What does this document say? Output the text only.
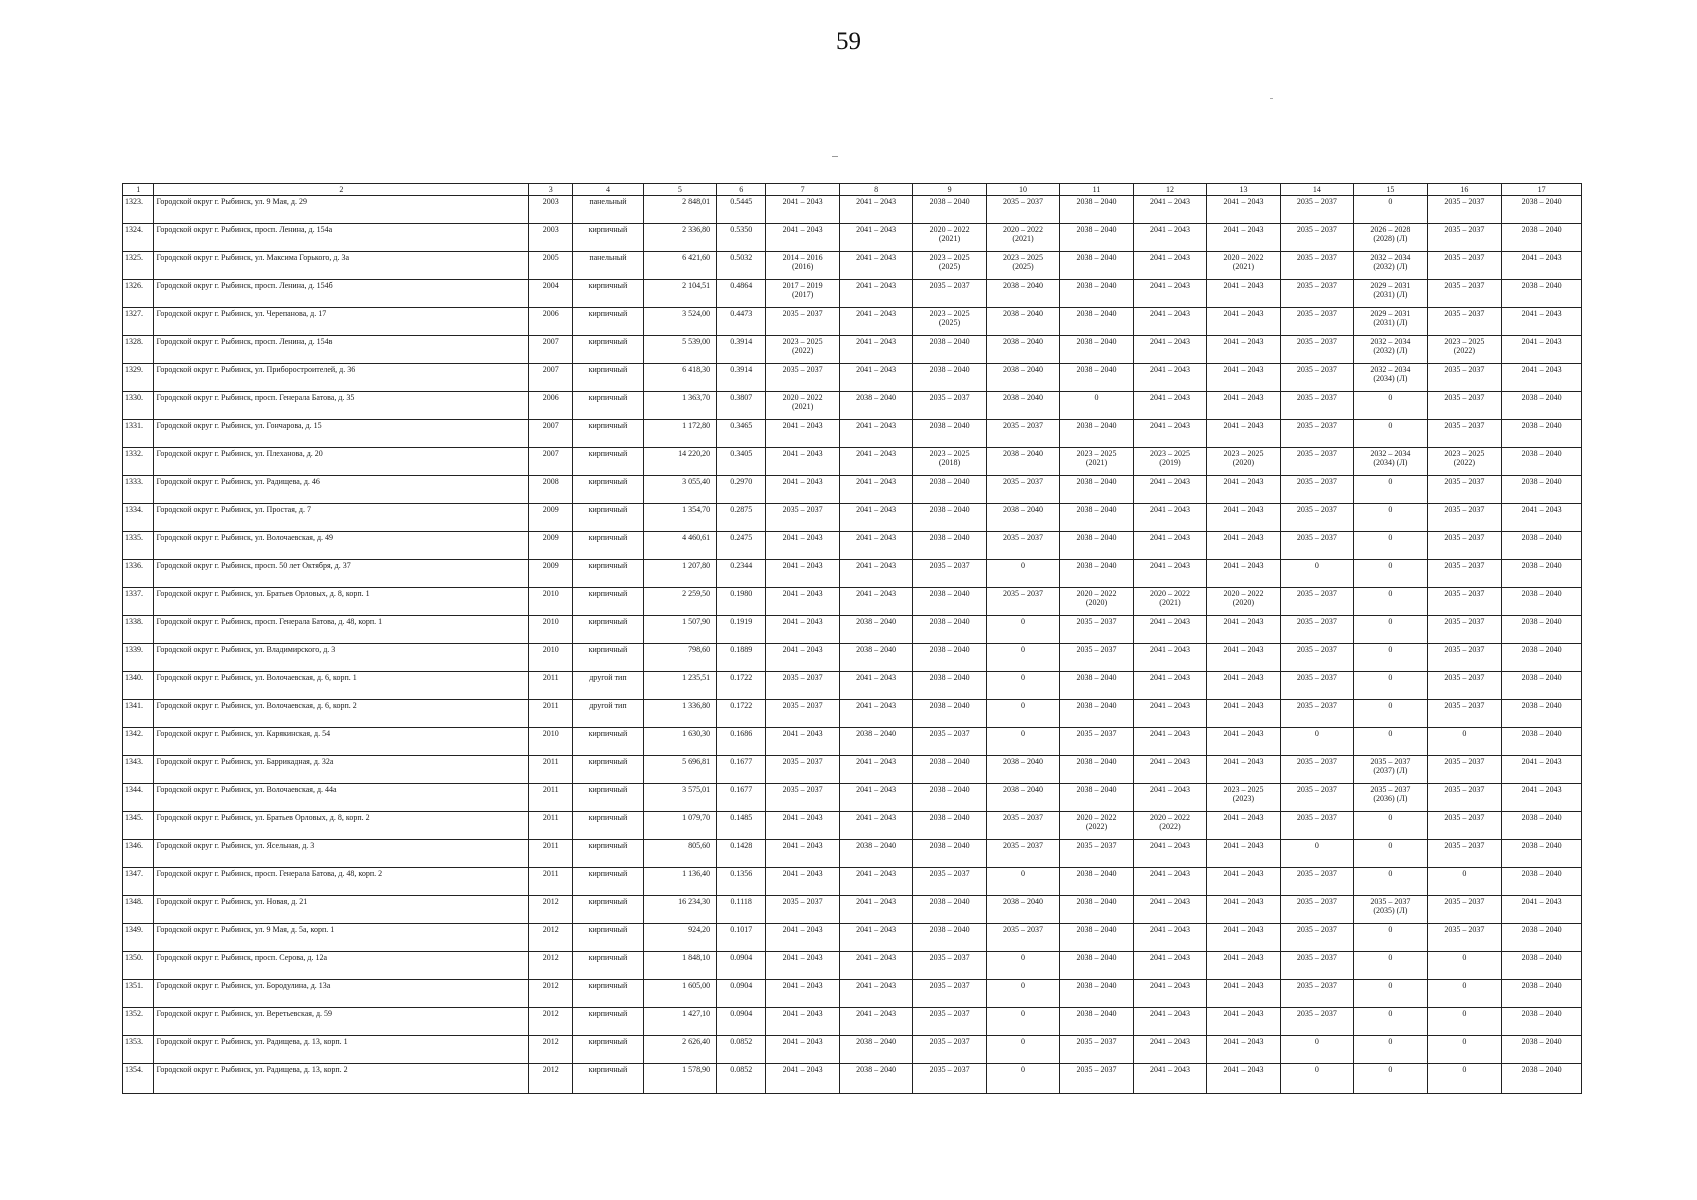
59
1	2	3	4	5	6	7	8	9	10	11	12	13	14	15	16	17

1323.	Городской округ г. Рыбинск, ул. 9 Мая, д. 29	2003	панельный	2 848,01	0.5445	2041 – 2043	2041 – 2043	2038 – 2040	2035 – 2037	2038 – 2040	2041 – 2043	2041 – 2043	2035 – 2037	0	2035 – 2037	2038 – 2040

1324.	Городской округ г. Рыбинск, просп. Ленина, д. 154а	2003	кирпичный	2 336,80	0.5350	2041 – 2043	2041 – 2043	2020 – 2022
(2021)	2020 – 2022
(2021)	2038 – 2040	2041 – 2043	2041 – 2043	2035 – 2037	2026 – 2028
(2028) (Л)	2035 – 2037	2038 – 2040

1325.	Городской округ г. Рыбинск, ул. Максима Горького, д. 3а	2005	панельный	6 421,60	0.5032	2014 – 2016
(2016)	2041 – 2043	2023 – 2025
(2025)	2023 – 2025
(2025)	2038 – 2040	2041 – 2043	2020 – 2022
(2021)	2035 – 2037	2032 – 2034
(2032) (Л)	2035 – 2037	2041 – 2043

1326.	Городской округ г. Рыбинск, просп. Ленина, д. 154б	2004	кирпичный	2 104,51	0.4864	2017 – 2019
(2017)	2041 – 2043	2035 – 2037	2038 – 2040	2038 – 2040	2041 – 2043	2041 – 2043	2035 – 2037	2029 – 2031
(2031) (Л)	2035 – 2037	2038 – 2040

1327.	Городской округ г. Рыбинск, ул. Черепанова, д. 17	2006	кирпичный	3 524,00	0.4473	2035 – 2037	2041 – 2043	2023 – 2025
(2025)	2038 – 2040	2038 – 2040	2041 – 2043	2041 – 2043	2035 – 2037	2029 – 2031
(2031) (Л)	2035 – 2037	2041 – 2043

1328.	Городской округ г. Рыбинск, просп. Ленина, д. 154в	2007	кирпичный	5 539,00	0.3914	2023 – 2025
(2022)	2041 – 2043	2038 – 2040	2038 – 2040	2038 – 2040	2041 – 2043	2041 – 2043	2035 – 2037	2032 – 2034
(2032) (Л)	2023 – 2025
(2022)	2041 – 2043

1329.	Городской округ г. Рыбинск, ул. Приборостроителей, д. 36	2007	кирпичный	6 418,30	0.3914	2035 – 2037	2041 – 2043	2038 – 2040	2038 – 2040	2038 – 2040	2041 – 2043	2041 – 2043	2035 – 2037	2032 – 2034
(2034) (Л)	2035 – 2037	2041 – 2043

1330.	Городской округ г. Рыбинск, просп. Генерала Батова, д. 35	2006	кирпичный	1 363,70	0.3807	2020 – 2022
(2021)	2038 – 2040	2035 – 2037	2038 – 2040	0	2041 – 2043	2041 – 2043	2035 – 2037	0	2035 – 2037	2038 – 2040

1331.	Городской округ г. Рыбинск, ул. Гончарова, д. 15	2007	кирпичный	1 172,80	0.3465	2041 – 2043	2041 – 2043	2038 – 2040	2035 – 2037	2038 – 2040	2041 – 2043	2041 – 2043	2035 – 2037	0	2035 – 2037	2038 – 2040

1332.	Городской округ г. Рыбинск, ул. Плеханова, д. 20	2007	кирпичный	14 220,20	0.3405	2041 – 2043	2041 – 2043	2023 – 2025
(2018)	2038 – 2040	2023 – 2025
(2021)	2023 – 2025
(2019)	2023 – 2025
(2020)	2035 – 2037	2032 – 2034
(2034) (Л)	2023 – 2025
(2022)	2038 – 2040

1333.	Городской округ г. Рыбинск, ул. Радищева, д. 46	2008	кирпичный	3 055,40	0.2970	2041 – 2043	2041 – 2043	2038 – 2040	2035 – 2037	2038 – 2040	2041 – 2043	2041 – 2043	2035 – 2037	0	2035 – 2037	2038 – 2040

1334.	Городской округ г. Рыбинск, ул. Простая, д. 7	2009	кирпичный	1 354,70	0.2875	2035 – 2037	2041 – 2043	2038 – 2040	2038 – 2040	2038 – 2040	2041 – 2043	2041 – 2043	2035 – 2037	0	2035 – 2037	2041 – 2043

1335.	Городской округ г. Рыбинск, ул. Волочаевская, д. 49	2009	кирпичный	4 460,61	0.2475	2041 – 2043	2041 – 2043	2038 – 2040	2035 – 2037	2038 – 2040	2041 – 2043	2041 – 2043	2035 – 2037	0	2035 – 2037	2038 – 2040

1336.	Городской округ г. Рыбинск, просп. 50 лет Октября, д. 37	2009	кирпичный	1 207,80	0.2344	2041 – 2043	2041 – 2043	2035 – 2037	0	2038 – 2040	2041 – 2043	2041 – 2043	0	0	2035 – 2037	2038 – 2040

1337.	Городской округ г. Рыбинск, ул. Братьев Орловых, д. 8, корп. 1	2010	кирпичный	2 259,50	0.1980	2041 – 2043	2041 – 2043	2038 – 2040	2035 – 2037	2020 – 2022
(2020)	2020 – 2022
(2021)	2020 – 2022
(2020)	2035 – 2037	0	2035 – 2037	2038 – 2040

1338.	Городской округ г. Рыбинск, просп. Генерала Батова, д. 48, корп. 1	2010	кирпичный	1 507,90	0.1919	2041 – 2043	2038 – 2040	2038 – 2040	0	2035 – 2037	2041 – 2043	2041 – 2043	2035 – 2037	0	2035 – 2037	2038 – 2040

1339.	Городской округ г. Рыбинск, ул. Владимирского, д. 3	2010	кирпичный	798,60	0.1889	2041 – 2043	2038 – 2040	2038 – 2040	0	2035 – 2037	2041 – 2043	2041 – 2043	2035 – 2037	0	2035 – 2037	2038 – 2040

1340.	Городской округ г. Рыбинск, ул. Волочаевская, д. 6, корп. 1	2011	другой тип	1 235,51	0.1722	2035 – 2037	2041 – 2043	2038 – 2040	0	2038 – 2040	2041 – 2043	2041 – 2043	2035 – 2037	0	2035 – 2037	2038 – 2040

1341.	Городской округ г. Рыбинск, ул. Волочаевская, д. 6, корп. 2	2011	другой тип	1 336,80	0.1722	2035 – 2037	2041 – 2043	2038 – 2040	0	2038 – 2040	2041 – 2043	2041 – 2043	2035 – 2037	0	2035 – 2037	2038 – 2040

1342.	Городской округ г. Рыбинск, ул. Карякинская, д. 54	2010	кирпичный	1 630,30	0.1686	2041 – 2043	2038 – 2040	2035 – 2037	0	2035 – 2037	2041 – 2043	2041 – 2043	0	0	0	2038 – 2040

1343.	Городской округ г. Рыбинск, ул. Баррикадная, д. 32а	2011	кирпичный	5 696,81	0.1677	2035 – 2037	2041 – 2043	2038 – 2040	2038 – 2040	2038 – 2040	2041 – 2043	2041 – 2043	2035 – 2037	2035 – 2037
(2037) (Л)	2035 – 2037	2041 – 2043

1344.	Городской округ г. Рыбинск, ул. Волочаевская, д. 44а	2011	кирпичный	3 575,01	0.1677	2035 – 2037	2041 – 2043	2038 – 2040	2038 – 2040	2038 – 2040	2041 – 2043	2023 – 2025
(2023)	2035 – 2037	2035 – 2037
(2036) (Л)	2035 – 2037	2041 – 2043

1345.	Городской округ г. Рыбинск, ул. Братьев Орловых, д. 8, корп. 2	2011	кирпичный	1 079,70	0.1485	2041 – 2043	2041 – 2043	2038 – 2040	2035 – 2037	2020 – 2022
(2022)	2020 – 2022
(2022)	2041 – 2043	2035 – 2037	0	2035 – 2037	2038 – 2040

1346.	Городской округ г. Рыбинск, ул. Ясельная, д. 3	2011	кирпичный	805,60	0.1428	2041 – 2043	2038 – 2040	2038 – 2040	2035 – 2037	2035 – 2037	2041 – 2043	2041 – 2043	0	0	2035 – 2037	2038 – 2040

1347.	Городской округ г. Рыбинск, просп. Генерала Батова, д. 48, корп. 2	2011	кирпичный	1 136,40	0.1356	2041 – 2043	2041 – 2043	2035 – 2037	0	2038 – 2040	2041 – 2043	2041 – 2043	2035 – 2037	0	0	2038 – 2040

1348.	Городской округ г. Рыбинск, ул. Новая, д. 21	2012	кирпичный	16 234,30	0.1118	2035 – 2037	2041 – 2043	2038 – 2040	2038 – 2040	2038 – 2040	2041 – 2043	2041 – 2043	2035 – 2037	2035 – 2037
(2035) (Л)	2035 – 2037	2041 – 2043

1349.	Городской округ г. Рыбинск, ул. 9 Мая, д. 5а, корп. 1	2012	кирпичный	924,20	0.1017	2041 – 2043	2041 – 2043	2038 – 2040	2035 – 2037	2038 – 2040	2041 – 2043	2041 – 2043	2035 – 2037	0	2035 – 2037	2038 – 2040

1350.	Городской округ г. Рыбинск, просп. Серова, д. 12а	2012	кирпичный	1 848,10	0.0904	2041 – 2043	2041 – 2043	2035 – 2037	0	2038 – 2040	2041 – 2043	2041 – 2043	2035 – 2037	0	0	2038 – 2040

1351.	Городской округ г. Рыбинск, ул. Бородулина, д. 13а	2012	кирпичный	1 605,00	0.0904	2041 – 2043	2041 – 2043	2035 – 2037	0	2038 – 2040	2041 – 2043	2041 – 2043	2035 – 2037	0	0	2038 – 2040

1352.	Городской округ г. Рыбинск, ул. Веретьевская, д. 59	2012	кирпичный	1 427,10	0.0904	2041 – 2043	2041 – 2043	2035 – 2037	0	2038 – 2040	2041 – 2043	2041 – 2043	2035 – 2037	0	0	2038 – 2040

1353.	Городской округ г. Рыбинск, ул. Радищева, д. 13, корп. 1	2012	кирпичный	2 626,40	0.0852	2041 – 2043	2038 – 2040	2035 – 2037	0	2035 – 2037	2041 – 2043	2041 – 2043	0	0	0	2038 – 2040

1354.	Городской округ г. Рыбинск, ул. Радищева, д. 13, корп. 2	2012	кирпичный	1 578,90	0.0852	2041 – 2043	2038 – 2040	2035 – 2037	0	2035 – 2037	2041 – 2043	2041 – 2043	0	0	0	2038 – 2040
